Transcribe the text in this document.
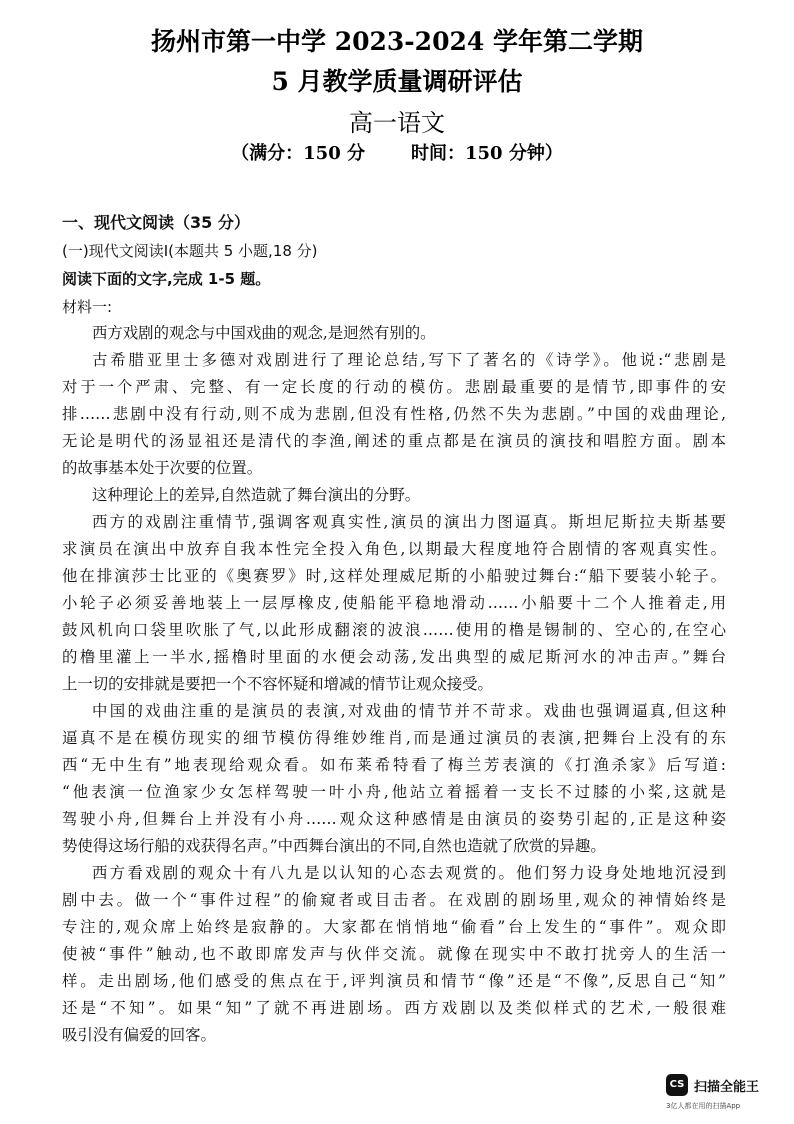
扬州市第一中学 2023-2024 学年第二学期
5 月教学质量调研评估
高一语文
（满分：150 分	时间：150 分钟）
一、现代文阅读（35 分）
(一)现代文阅读Ⅰ(本题共 5 小题,18 分)
阅读下面的文字,完成 1-5 题。
材料一:
西方戏剧的观念与中国戏曲的观念,是迥然有别的。
古希腊亚里士多德对戏剧进行了理论总结,写下了著名的《诗学》。他说:“悲剧是
对于一个严肃、完整、有一定长度的行动的模仿。悲剧最重要的是情节,即事件的安
排……悲剧中没有行动,则不成为悲剧,但没有性格,仍然不失为悲剧。”中国的戏曲理论,
无论是明代的汤显祖还是清代的李渔,阐述的重点都是在演员的演技和唱腔方面。剧本
的故事基本处于次要的位置。
这种理论上的差异,自然造就了舞台演出的分野。
西方的戏剧注重情节,强调客观真实性,演员的演出力图逼真。斯坦尼斯拉夫斯基要
求演员在演出中放弃自我本性完全投入角色,以期最大程度地符合剧情的客观真实性。
他在排演莎士比亚的《奥赛罗》时,这样处理威尼斯的小船驶过舞台:“船下要装小轮子。
小轮子必须妥善地装上一层厚橡皮,使船能平稳地滑动……小船要十二个人推着走,用
鼓风机向口袋里吹胀了气,以此形成翻滚的波浪……使用的橹是锡制的、空心的,在空心
的橹里灌上一半水,摇橹时里面的水便会动荡,发出典型的威尼斯河水的冲击声。”舞台
上一切的安排就是要把一个不容怀疑和增减的情节让观众接受。
中国的戏曲注重的是演员的表演,对戏曲的情节并不苛求。戏曲也强调逼真,但这种
逼真不是在模仿现实的细节模仿得维妙维肖,而是通过演员的表演,把舞台上没有的东
西“无中生有”地表现给观众看。如布莱希特看了梅兰芳表演的《打渔杀家》后写道:
“他表演一位渔家少女怎样驾驶一叶小舟,他站立着摇着一支长不过膝的小桨,这就是
驾驶小舟,但舞台上并没有小舟……观众这种感情是由演员的姿势引起的,正是这种姿
势使得这场行船的戏获得名声。”中西舞台演出的不同,自然也造就了欣赏的异趣。
西方看戏剧的观众十有八九是以认知的心态去观赏的。他们努力设身处地地沉浸到
剧中去。做一个“事件过程”的偷窥者或目击者。在戏剧的剧场里,观众的神情始终是
专注的,观众席上始终是寂静的。大家都在悄悄地“偷看”台上发生的“事件”。观众即
使被“事件”触动,也不敢即席发声与伙伴交流。就像在现实中不敢打扰旁人的生活一
样。走出剧场,他们感受的焦点在于,评判演员和情节“像”还是“不像”,反思自己“知”
还是“不知”。如果“知”了就不再进剧场。西方戏剧以及类似样式的艺术,一般很难
吸引没有偏爱的回客。
CS 扫描全能王
3亿人都在用的扫描App
